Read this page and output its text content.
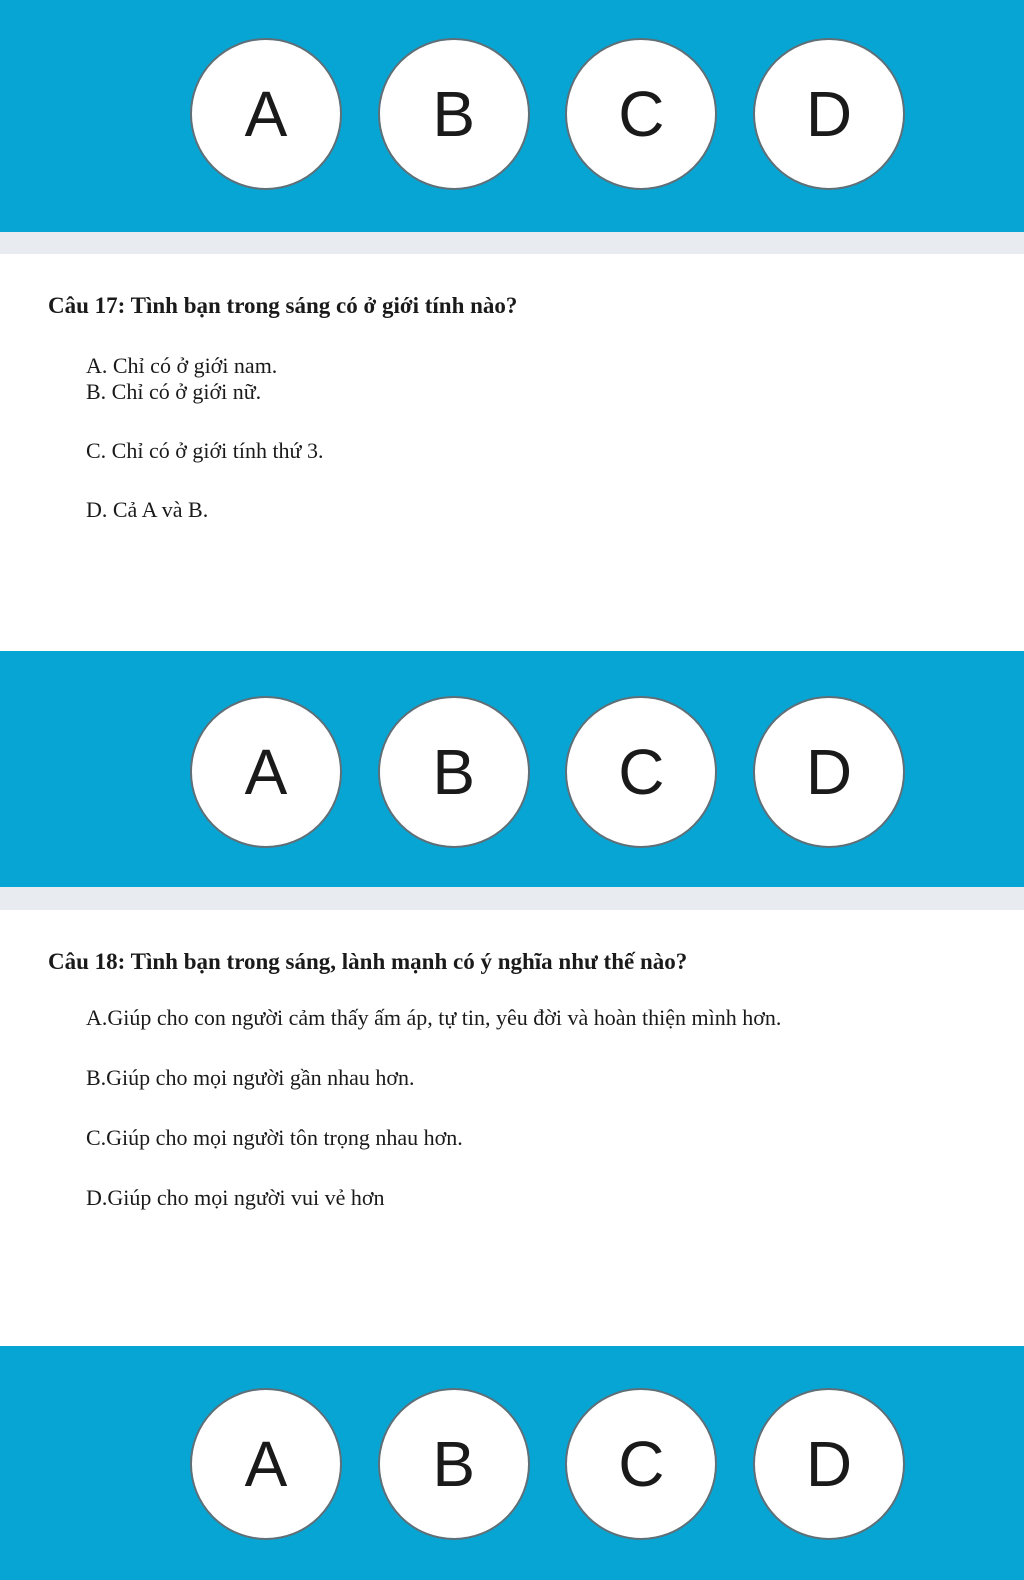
A	B	C	D
Câu 17: Tình bạn trong sáng có ở giới tính nào?
A. Chỉ có ở giới nam.
B. Chỉ có ở giới nữ.
C. Chỉ có ở giới tính thứ 3.
D. Cả A và B.
A	B	C	D
Câu 18: Tình bạn trong sáng, lành mạnh có ý nghĩa như thế nào?
A.Giúp cho con người cảm thấy ấm áp, tự tin, yêu đời và hoàn thiện mình hơn.
B.Giúp cho mọi người gần nhau hơn.
C.Giúp cho mọi người tôn trọng nhau hơn.
D.Giúp cho mọi người vui vẻ hơn
A	B	C	D
